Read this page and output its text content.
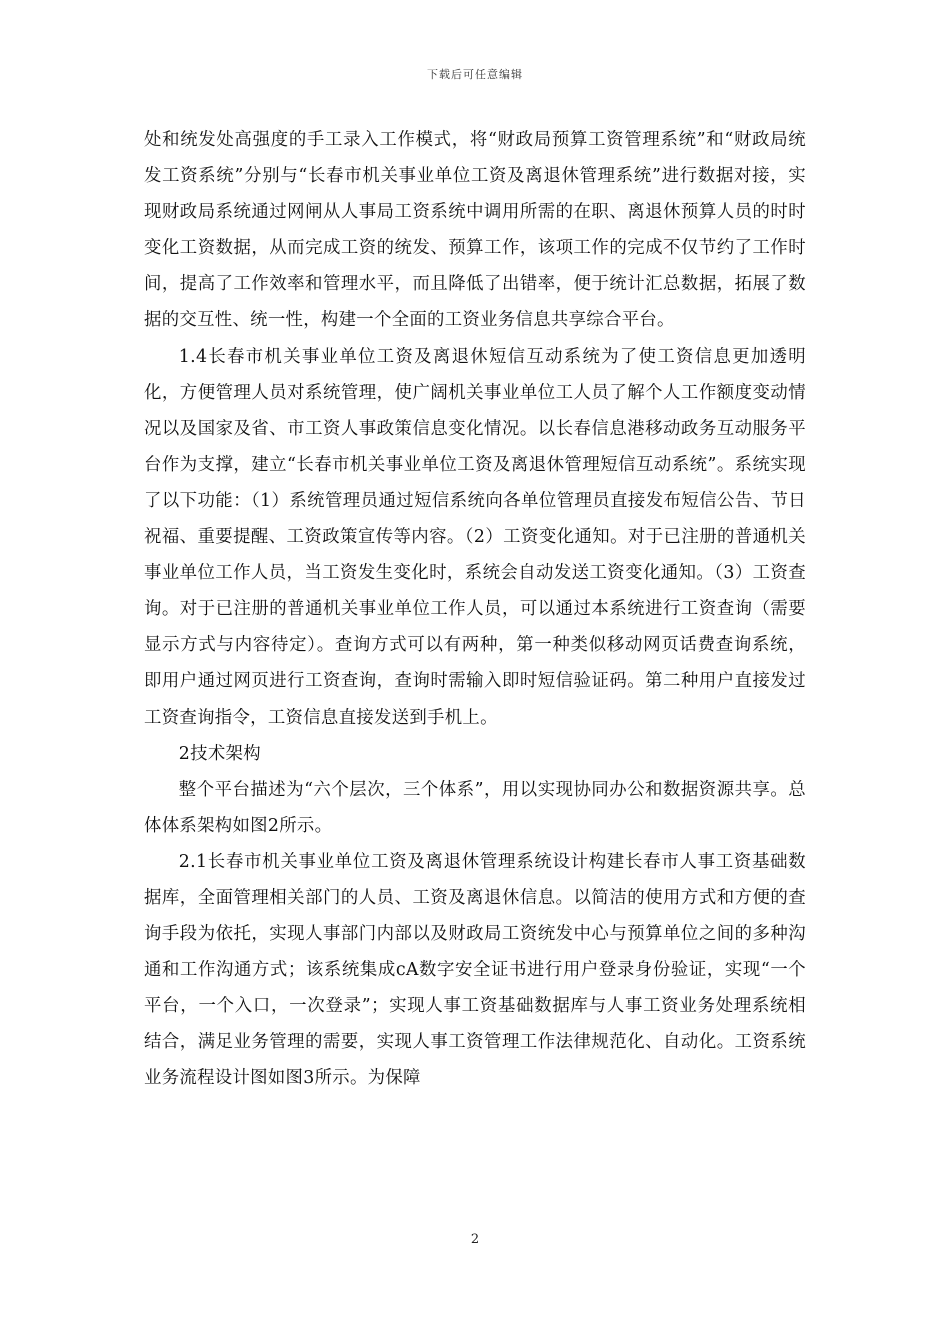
下载后可任意编辑

处和统发处高强度的手工录入工作模式，将“财政局预算工资管理系统”和“财政局统发工资系统”分别与“长春市机关事业单位工资及离退休管理系统”进行数据对接，实现财政局系统通过网闸从人事局工资系统中调用所需的在职、离退休预算人员的时时变化工资数据，从而完成工资的统发、预算工作，该项工作的完成不仅节约了工作时间，提高了工作效率和管理水平，而且降低了出错率，便于统计汇总数据，拓展了数据的交互性、统一性，构建一个全面的工资业务信息共享综合平台。

1.4长春市机关事业单位工资及离退休短信互动系统为了使工资信息更加透明化，方便管理人员对系统管理，使广阔机关事业单位工人员了解个人工作额度变动情况以及国家及省、市工资人事政策信息变化情况。以长春信息港移动政务互动服务平台作为支撑，建立“长春市机关事业单位工资及离退休管理短信互动系统”。系统实现了以下功能：（1）系统管理员通过短信系统向各单位管理员直接发布短信公告、节日祝福、重要提醒、工资政策宣传等内容。（2）工资变化通知。对于已注册的普通机关事业单位工作人员，当工资发生变化时，系统会自动发送工资变化通知。（3）工资查询。对于已注册的普通机关事业单位工作人员，可以通过本系统进行工资查询（需要显示方式与内容待定）。查询方式可以有两种，第一种类似移动网页话费查询系统，即用户通过网页进行工资查询，查询时需输入即时短信验证码。第二种用户直接发过工资查询指令，工资信息直接发送到手机上。

2技术架构

整个平台描述为“六个层次，三个体系”，用以实现协同办公和数据资源共享。总体体系架构如图2所示。

2.1长春市机关事业单位工资及离退休管理系统设计构建长春市人事工资基础数据库，全面管理相关部门的人员、工资及离退休信息。以简洁的使用方式和方便的查询手段为依托，实现人事部门内部以及财政局工资统发中心与预算单位之间的多种沟通和工作沟通方式；该系统集成cA数字安全证书进行用户登录身份验证，实现“一个平台，一个入口，一次登录”；实现人事工资基础数据库与人事工资业务处理系统相结合，满足业务管理的需要，实现人事工资管理工作法律规范化、自动化。工资系统业务流程设计图如图3所示。为保障

2
